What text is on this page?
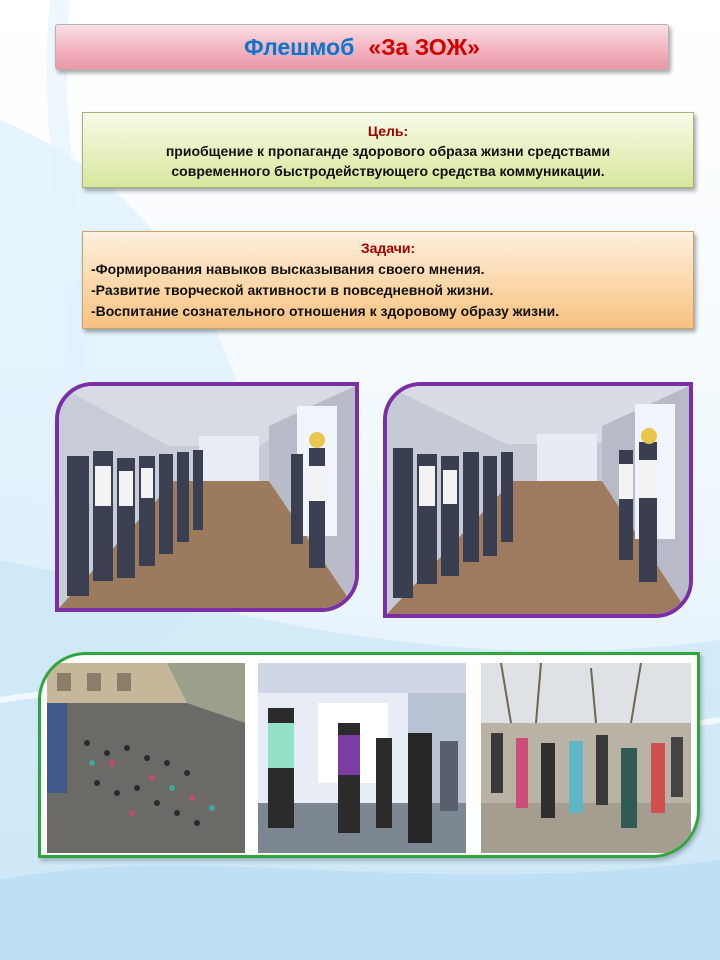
Флешмоб «За ЗОЖ»
Цель:
приобщение к пропаганде здорового образа жизни средствами
современного быстродействующего средства коммуникации.
Задачи:
-Формирования навыков высказывания своего мнения.
-Развитие творческой активности в повседневной жизни.
-Воспитание сознательного отношения к здоровому образу жизни.
